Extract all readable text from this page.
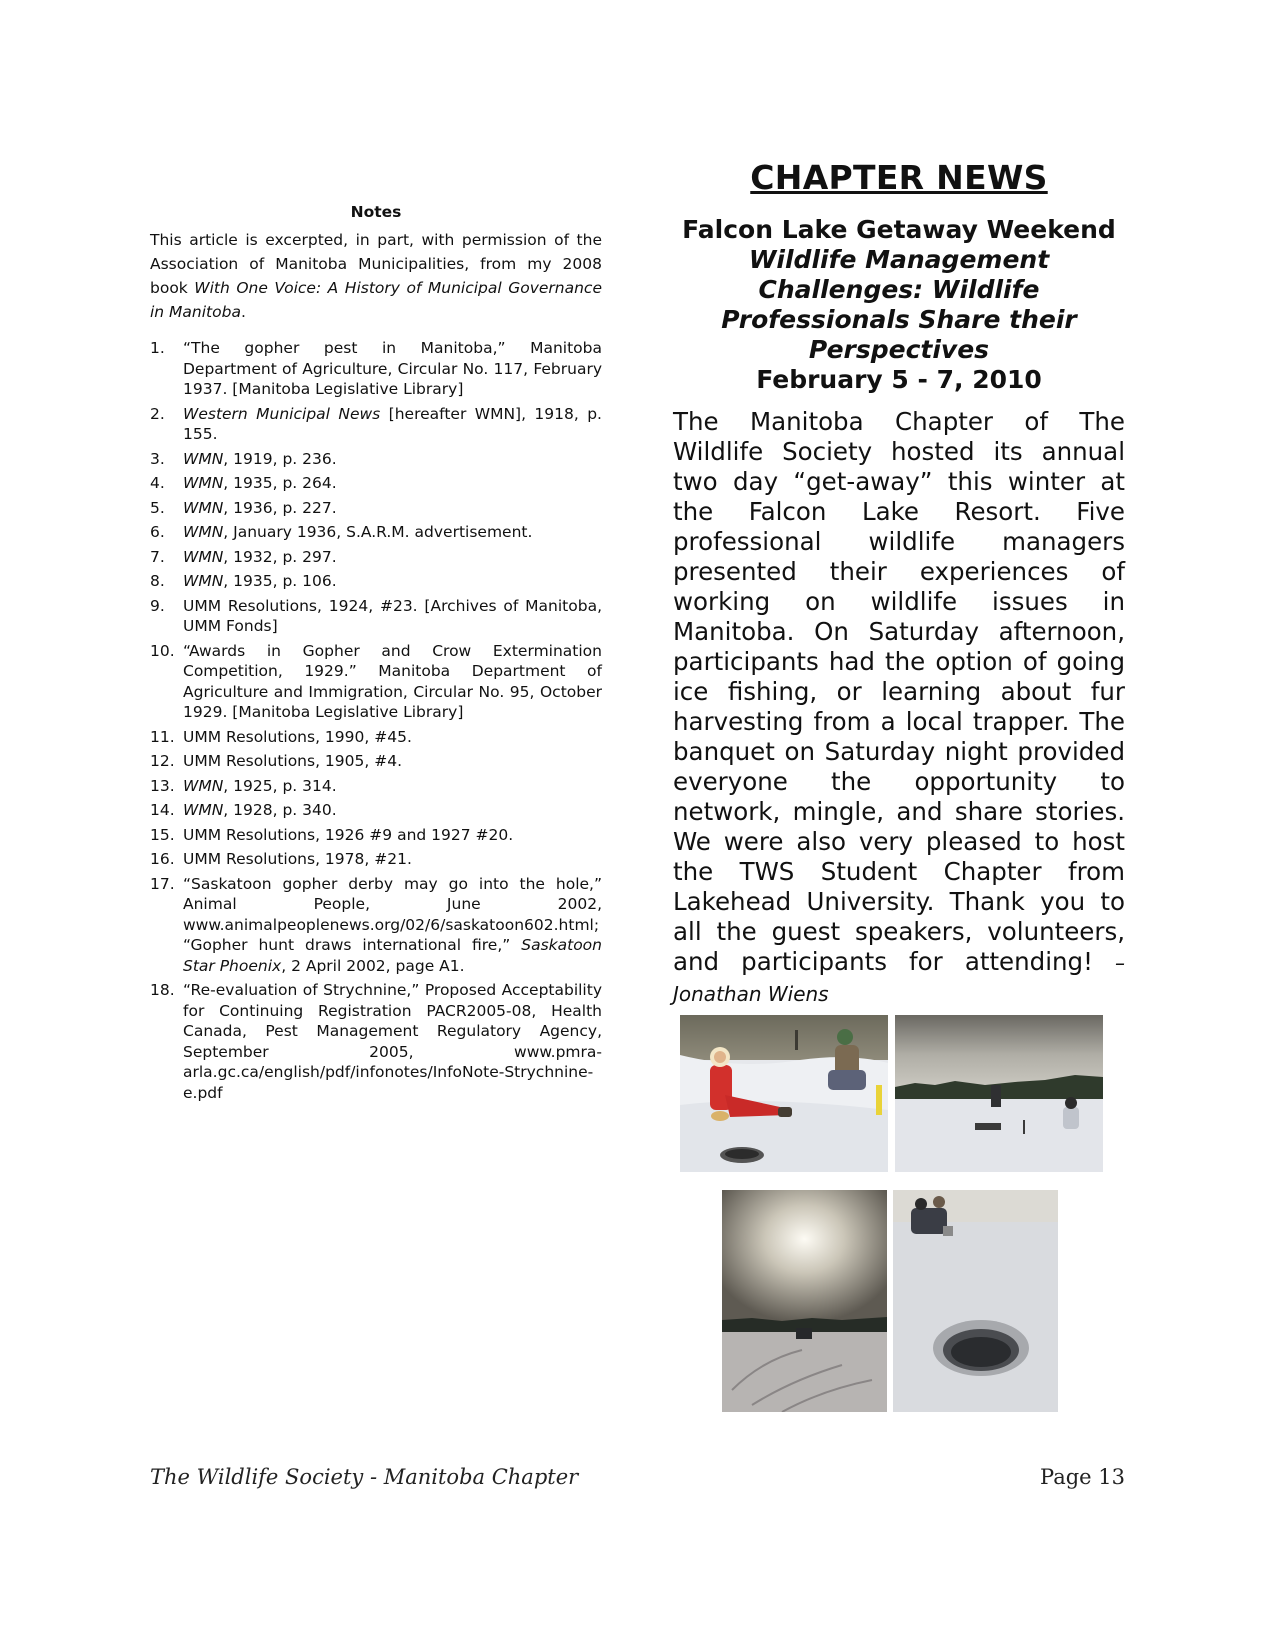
Notes

This article is excerpted, in part, with permission of the Association of Manitoba Municipalities, from my 2008 book With One Voice: A History of Municipal Governance in Manitoba.

1. “The gopher pest in Manitoba,” Manitoba Department of Agriculture, Circular No. 117, February 1937. [Manitoba Legislative Library]
2. Western Municipal News [hereafter WMN], 1918, p. 155.
3. WMN, 1919, p. 236.
4. WMN, 1935, p. 264.
5. WMN, 1936, p. 227.
6. WMN, January 1936, S.A.R.M. advertisement.
7. WMN, 1932, p. 297.
8. WMN, 1935, p. 106.
9. UMM Resolutions, 1924, #23. [Archives of Manitoba, UMM Fonds]
10. “Awards in Gopher and Crow Extermination Competition, 1929.” Manitoba Department of Agriculture and Immigration, Circular No. 95, October 1929. [Manitoba Legislative Library]
11. UMM Resolutions, 1990, #45.
12. UMM Resolutions, 1905, #4.
13. WMN, 1925, p. 314.
14. WMN, 1928, p. 340.
15. UMM Resolutions, 1926 #9 and 1927 #20.
16. UMM Resolutions, 1978, #21.
17. “Saskatoon gopher derby may go into the hole,” Animal People, June 2002, www.animalpeoplenews.org/02/6/saskatoon602.html; “Gopher hunt draws international fire,” Saskatoon Star Phoenix, 2 April 2002, page A1.
18. “Re-evaluation of Strychnine,” Proposed Acceptability for Continuing Registration PACR2005-08, Health Canada, Pest Management Regulatory Agency, September 2005, www.pmra-arla.gc.ca/english/pdf/infonotes/InfoNote-Strychnine-e.pdf
CHAPTER NEWS
Falcon Lake Getaway Weekend
Wildlife Management Challenges: Wildlife Professionals Share their Perspectives
February 5 - 7, 2010
The Manitoba Chapter of The Wildlife Society hosted its annual two day “get-away” this winter at the Falcon Lake Resort. Five professional wildlife managers presented their experiences of working on wildlife issues in Manitoba. On Saturday afternoon, participants had the option of going ice fishing, or learning about fur harvesting from a local trapper. The banquet on Saturday night provided everyone the opportunity to network, mingle, and share stories. We were also very pleased to host the TWS Student Chapter from Lakehead University. Thank you to all the guest speakers, volunteers, and participants for attending! – Jonathan Wiens
The Wildlife Society - Manitoba Chapter	Page 13
